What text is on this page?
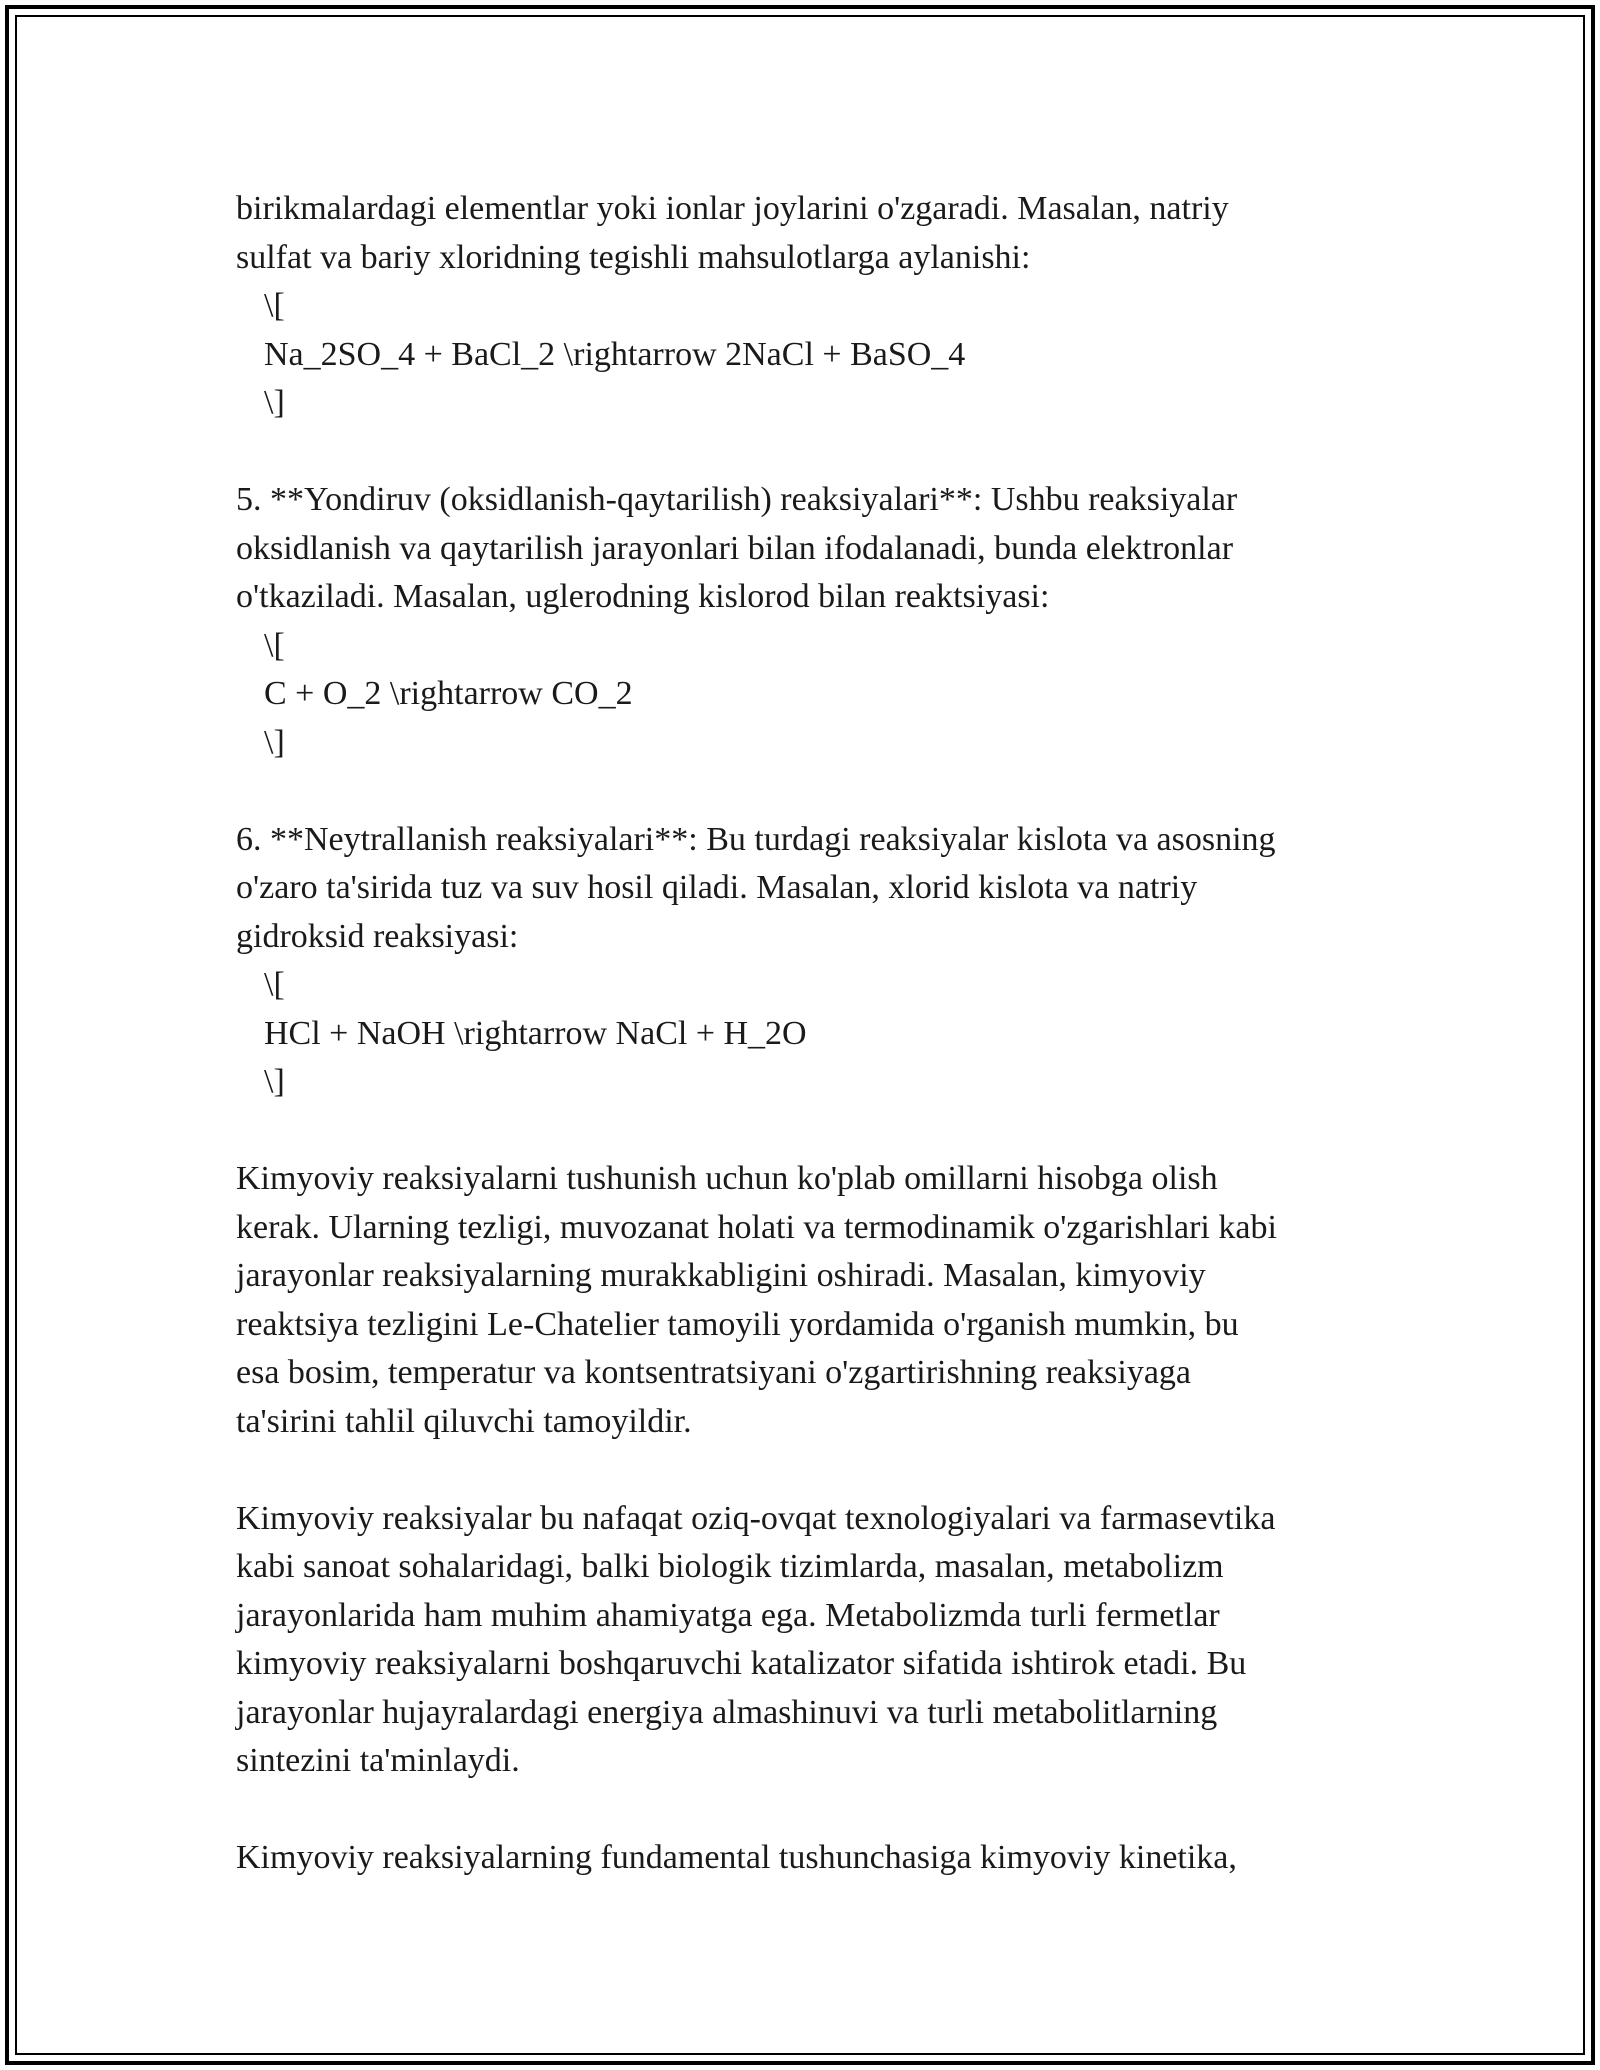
birikmalardagi elementlar yoki ionlar joylarini o'zgaradi. Masalan, natriy

sulfat va bariy xloridning tegishli mahsulotlarga aylanishi:

\[

Na_2SO_4 + BaCl_2 \rightarrow 2NaCl + BaSO_4

\]

5. **Yondiruv (oksidlanish-qaytarilish) reaksiyalari**: Ushbu reaksiyalar

oksidlanish va qaytarilish jarayonlari bilan ifodalanadi, bunda elektronlar

o'tkaziladi. Masalan, uglerodning kislorod bilan reaktsiyasi:

\[

C + O_2 \rightarrow CO_2

\]

6. **Neytrallanish reaksiyalari**: Bu turdagi reaksiyalar kislota va asosning

o'zaro ta'sirida tuz va suv hosil qiladi. Masalan, xlorid kislota va natriy

gidroksid reaksiyasi:

\[

HCl + NaOH \rightarrow NaCl + H_2O

\]

Kimyoviy reaksiyalarni tushunish uchun ko'plab omillarni hisobga olish

kerak. Ularning tezligi, muvozanat holati va termodinamik o'zgarishlari kabi

jarayonlar reaksiyalarning murakkabligini oshiradi. Masalan, kimyoviy

reaktsiya tezligini Le-Chatelier tamoyili yordamida o'rganish mumkin, bu

esa bosim, temperatur va kontsentratsiyani o'zgartirishning reaksiyaga

ta'sirini tahlil qiluvchi tamoyildir.

Kimyoviy reaksiyalar bu nafaqat oziq-ovqat texnologiyalari va farmasevtika

kabi sanoat sohalaridagi, balki biologik tizimlarda, masalan, metabolizm

jarayonlarida ham muhim ahamiyatga ega. Metabolizmda turli fermetlar

kimyoviy reaksiyalarni boshqaruvchi katalizator sifatida ishtirok etadi. Bu

jarayonlar hujayralardagi energiya almashinuvi va turli metabolitlarning

sintezini ta'minlaydi.

Kimyoviy reaksiyalarning fundamental tushunchasiga kimyoviy kinetika,
